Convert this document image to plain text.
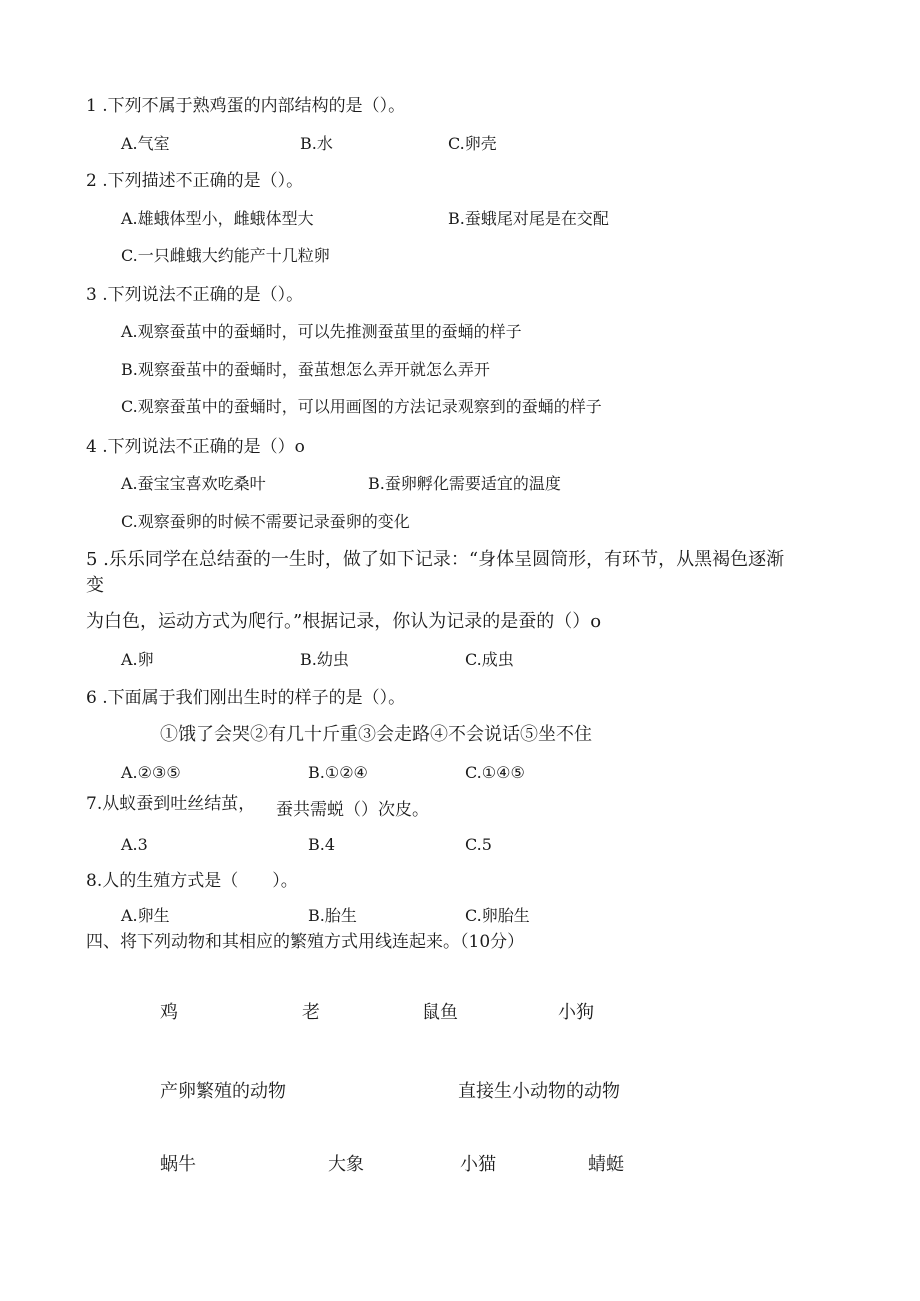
1 .下列不属于熟鸡蛋的内部结构的是（）。
A.气室	B.水	C.卵壳
2 .下列描述不正确的是（）。
A.雄蛾体型小，雌蛾体型大	B.蚕蛾尾对尾是在交配
C.一只雌蛾大约能产十几粒卵
3 .下列说法不正确的是（）。
A.观察蚕茧中的蚕蛹时，可以先推测蚕茧里的蚕蛹的样子
B.观察蚕茧中的蚕蛹时，蚕茧想怎么弄开就怎么弄开
C.观察蚕茧中的蚕蛹时，可以用画图的方法记录观察到的蚕蛹的样子
4 .下列说法不正确的是（）o
A.蚕宝宝喜欢吃桑叶	B.蚕卵孵化需要适宜的温度
C.观察蚕卵的时候不需要记录蚕卵的变化
5 .乐乐同学在总结蚕的一生时，做了如下记录：“身体呈圆筒形，有环节，从黑褐色逐渐
变
为白色，运动方式为爬行。”根据记录，你认为记录的是蚕的（）o
A.卵	B.幼虫	C.成虫
6 .下面属于我们刚出生时的样子的是（）。
①饿了会哭②有几十斤重③会走路④不会说话⑤坐不住
A.②③⑤	B.①②④	C.①④⑤
7.从蚁蚕到吐丝结茧， 蚕共需蜕（）次皮。
A.3	B.4	C.5
8.人的生殖方式是（　　）。
A.卵生	B.胎生	C.卵胎生
四、将下列动物和其相应的繁殖方式用线连起来。（10分）
鸡	老	鼠鱼	小狗
产卵繁殖的动物	直接生小动物的动物
蜗牛	大象	小猫	蜻蜓
